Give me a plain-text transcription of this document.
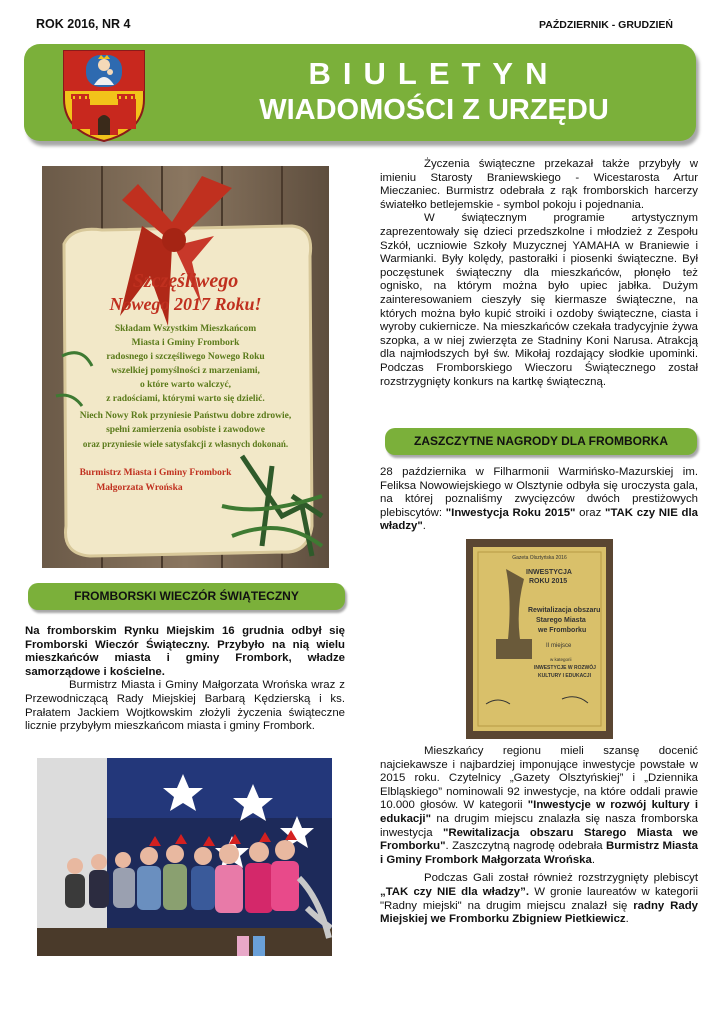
ROK 2016, NR 4	PAŹDZIERNIK - GRUDZIEŃ
BIULETYN
WIADOMOŚCI Z URZĘDU
Szczęśliwego
Nowego 2017 Roku!
Składam Wszystkim Mieszkańcom
Miasta i Gminy Frombork
radosnego i szczęśliwego Nowego Roku
wszelkiej pomyślności z marzeniami,
o które warto walczyć,
z radościami, którymi warto się dzielić.
Niech Nowy Rok przyniesie Państwu dobre zdrowie,
spełni zamierzenia osobiste i zawodowe
oraz przyniesie wiele satysfakcji z własnych dokonań.
Burmistrz Miasta i Gminy Frombork
Małgorzata Wrońska

Życzenia świąteczne przekazał także przybyły w imieniu Starosty Braniewskiego - Wicestarosta Artur Mieczaniec. Burmistrz odebrała z rąk fromborskich harcerzy światełko betlejemskie - symbol pokoju i pojednania.

W świątecznym programie artystycznym zaprezentowały się dzieci przedszkolne i młodzież z Zespołu Szkół, uczniowie Szkoły Muzycznej YAMAHA w Braniewie i Warmianki. Były kolędy, pastorałki i piosenki świąteczne. Był poczęstunek świąteczny dla mieszkańców, płonęło też ognisko, na którym można było upiec jabłka. Dużym zainteresowaniem cieszyły się kiermasze świąteczne, na których można było kupić stroiki i ozdoby świąteczne, ciasta i wyroby cukiernicze. Na mieszkańców czekała tradycyjnie żywa szopka, a w niej zwierzęta ze Stadniny Koni Narusa. Atrakcją dla najmłodszych był św. Mikołaj rozdający słodkie upominki. Podczas Fromborskiego Wieczoru Świątecznego został rozstrzygnięty konkurs na kartkę świąteczną.

ZASZCZYTNE NAGRODY DLA FROMBORKA
28 października w Filharmonii Warmińsko-Mazurskiej im. Feliksa Nowowiejskiego w Olsztynie odbyła się uroczysta gala, na której poznaliśmy zwycięzców dwóch prestiżowych plebiscytów: "Inwestycja Roku 2015" oraz "TAK czy NIE dla władzy".
Gazeta Olsztyńska 2016
INWESTYCJA
ROKU 2015
Rewitalizacja obszaru
Starego Miasta
we Fromborku
II miejsce
w kategorii
INWESTYCJE W ROZWÓJ
KULTURY I EDUKACJI

Mieszkańcy regionu mieli szansę docenić najciekawsze i najbardziej imponujące inwestycje powstałe w 2015 roku. Czytelnicy „Gazety Olsztyńskiej” i „Dziennika Elbląskiego” nominowali 92 inwestycje, na które oddali prawie 10.000 głosów. W kategorii "Inwestycje w rozwój kultury i edukacji" na drugim miejscu znalazła się nasza fromborska inwestycja "Rewitalizacja obszaru Starego Miasta we Fromborku". Zaszczytną nagrodę odebrała Burmistrz Miasta i Gminy Frombork Małgorzata Wrońska.

Podczas Gali został również rozstrzygnięty plebiscyt „TAK czy NIE dla władzy”. W gronie laureatów w kategorii "Radny miejski" na drugim miejscu znalazł się radny Rady Miejskiej we Fromborku Zbigniew Pietkiewicz.

FROMBORSKI WIECZÓR ŚWIĄTECZNY

Na fromborskim Rynku Miejskim 16 grudnia odbył się Fromborski Wieczór Świąteczny. Przybyło na nią wielu mieszkańców miasta i gminy Frombork, władze samorządowe i kościelne.

Burmistrz Miasta i Gminy Małgorzata Wrońska wraz z Przewodniczącą Rady Miejskiej Barbarą Kędzierską i ks. Prałatem Jackiem Wojtkowskim złożyli życzenia świąteczne licznie przybyłym mieszkańcom miasta i gminy Frombork.
